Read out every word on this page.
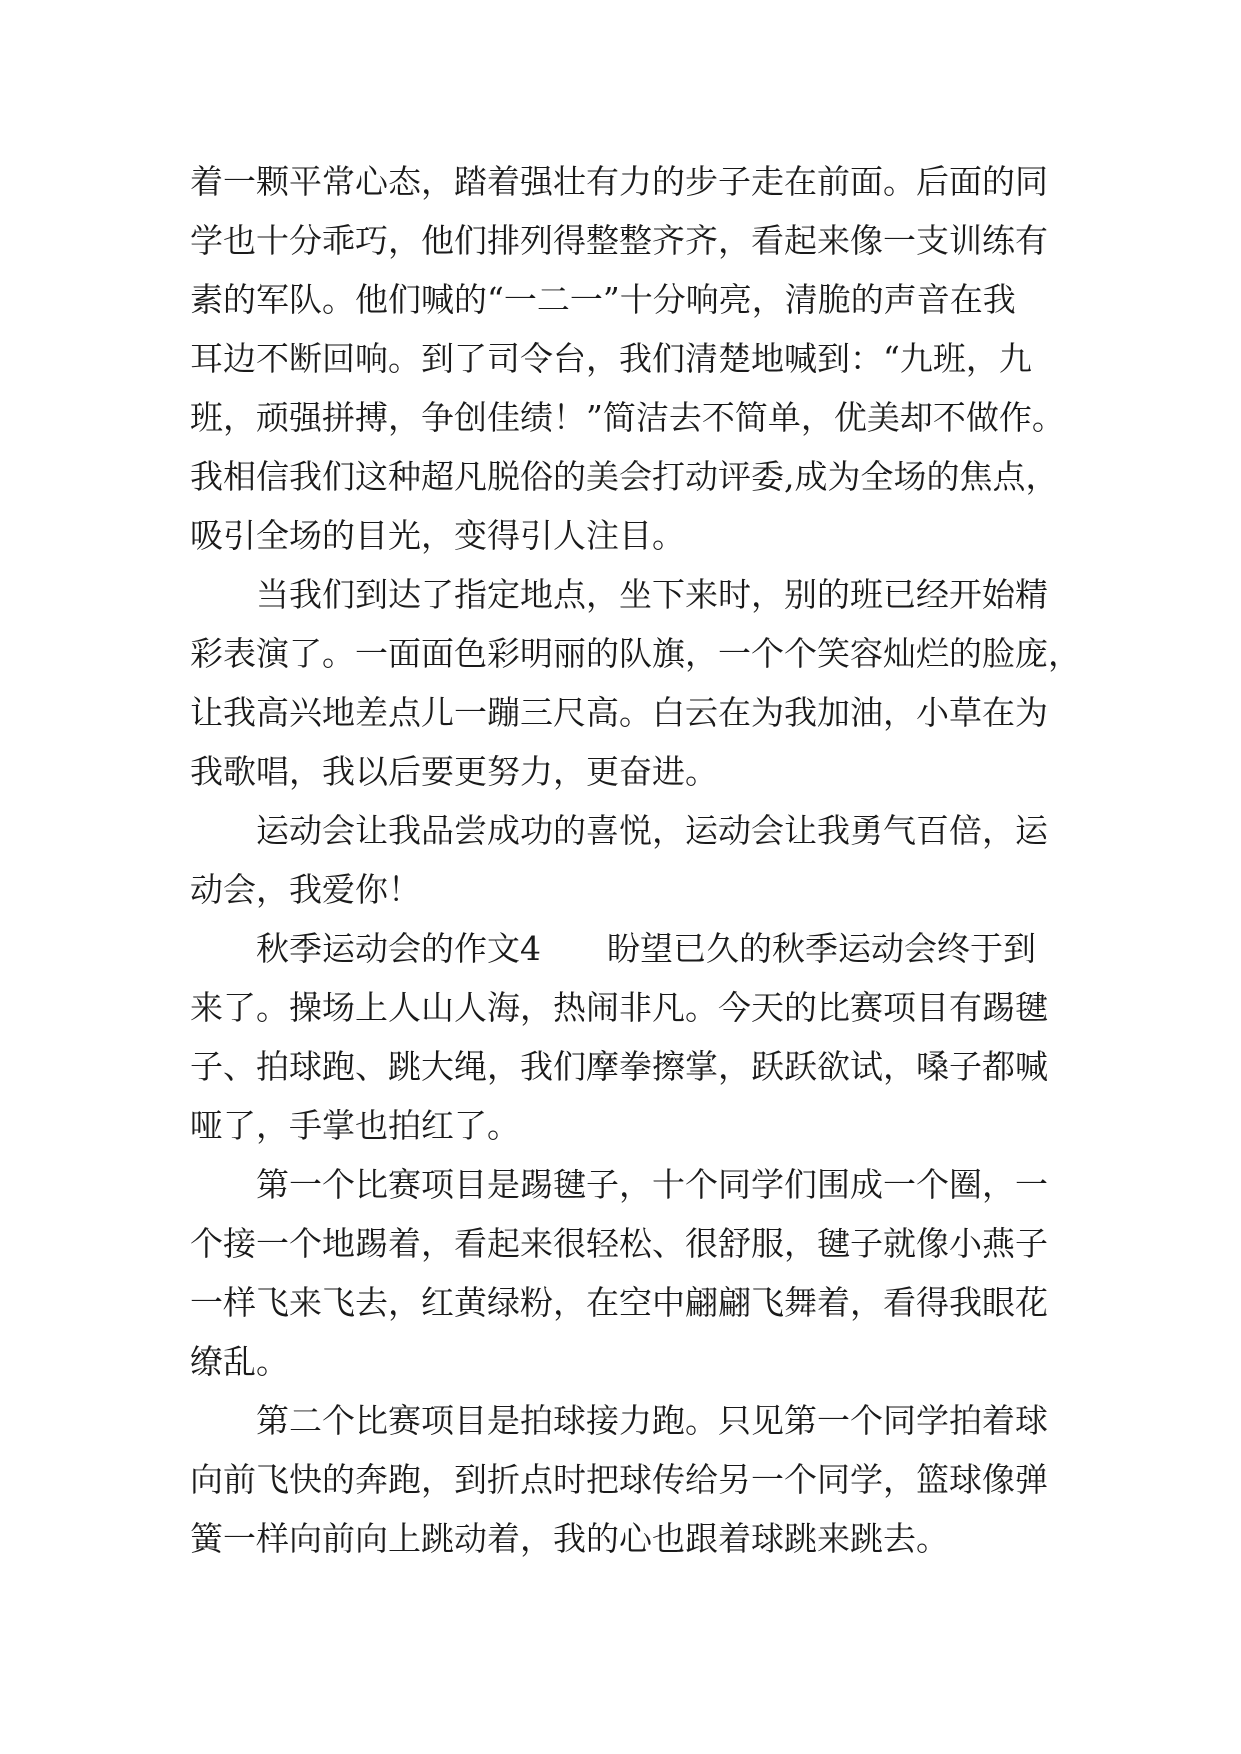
着一颗平常心态，踏着强壮有力的步子走在前面。后面的同
学也十分乖巧，他们排列得整整齐齐，看起来像一支训练有
素的军队。他们喊的“一二一”十分响亮，清脆的声音在我
耳边不断回响。到了司令台，我们清楚地喊到：“九班，九
班，顽强拼搏，争创佳绩！”简洁去不简单，优美却不做作。
我相信我们这种超凡脱俗的美会打动评委,成为全场的焦点，
吸引全场的目光，变得引人注目。
当我们到达了指定地点，坐下来时，别的班已经开始精
彩表演了。一面面色彩明丽的队旗，一个个笑容灿烂的脸庞，
让我高兴地差点儿一蹦三尺高。白云在为我加油，小草在为
我歌唱，我以后要更努力，更奋进。
运动会让我品尝成功的喜悦，运动会让我勇气百倍，运
动会，我爱你！
秋季运动会的作文4　　盼望已久的秋季运动会终于到
来了。操场上人山人海，热闹非凡。今天的比赛项目有踢毽
子、拍球跑、跳大绳，我们摩拳擦掌，跃跃欲试，嗓子都喊
哑了，手掌也拍红了。
第一个比赛项目是踢毽子，十个同学们围成一个圈，一
个接一个地踢着，看起来很轻松、很舒服，毽子就像小燕子
一样飞来飞去，红黄绿粉，在空中翩翩飞舞着，看得我眼花
缭乱。
第二个比赛项目是拍球接力跑。只见第一个同学拍着球
向前飞快的奔跑，到折点时把球传给另一个同学，篮球像弹
簧一样向前向上跳动着，我的心也跟着球跳来跳去。
